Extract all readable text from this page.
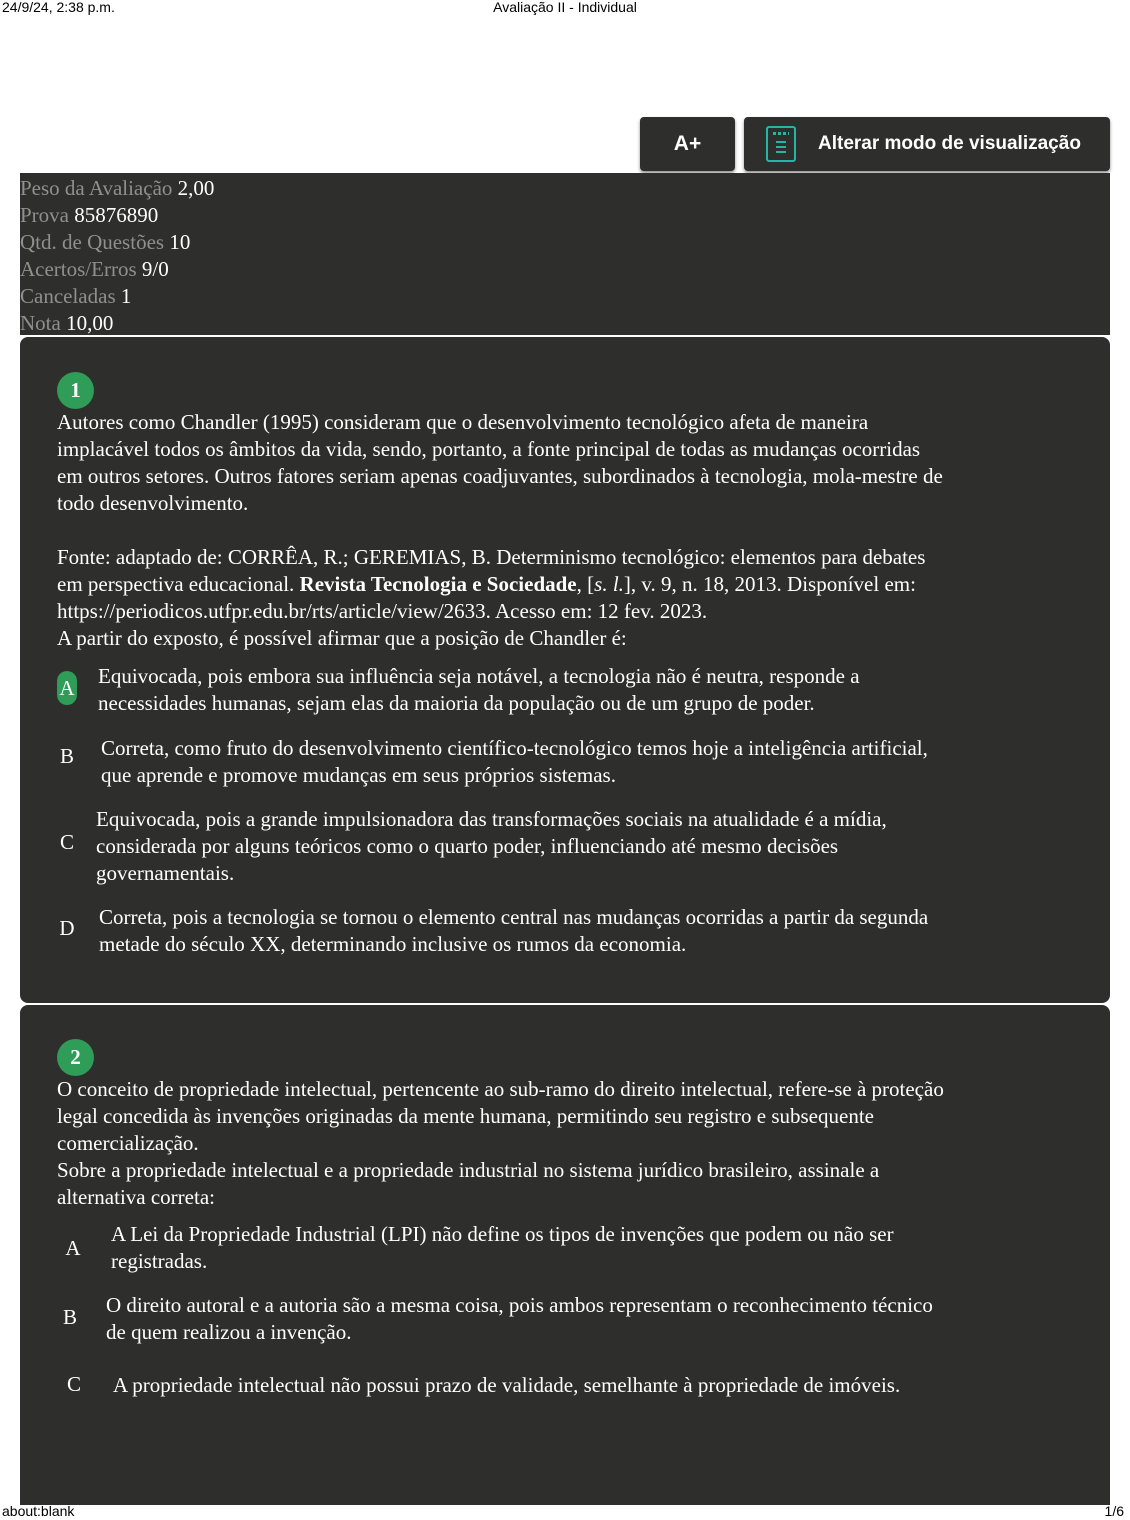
24/9/24, 2:38 p.m.	Avaliação II - Individual
A+	Alterar modo de visualização
Peso da Avaliação 2,00
Prova 85876890
Qtd. de Questões 10
Acertos/Erros 9/0
Canceladas 1
Nota 10,00
1

Autores como Chandler (1995) consideram que o desenvolvimento tecnológico afeta de maneira

implacável todos os âmbitos da vida, sendo, portanto, a fonte principal de todas as mudanças ocorridas

em outros setores. Outros fatores seriam apenas coadjuvantes, subordinados à tecnologia, mola-mestre de

todo desenvolvimento.

Fonte: adaptado de: CORRÊA, R.; GEREMIAS, B. Determinismo tecnológico: elementos para debates

em perspectiva educacional. Revista Tecnologia e Sociedade, [s. l.], v. 9, n. 18, 2013. Disponível em:

https://periodicos.utfpr.edu.br/rts/article/view/2633. Acesso em: 12 fev. 2023.

A partir do exposto, é possível afirmar que a posição de Chandler é:

A Equivocada, pois embora sua influência seja notável, a tecnologia não é neutra, responde a
necessidades humanas, sejam elas da maioria da população ou de um grupo de poder.
B Correta, como fruto do desenvolvimento científico-tecnológico temos hoje a inteligência artificial,
que aprende e promove mudanças em seus próprios sistemas.
C
Equivocada, pois a grande impulsionadora das transformações sociais na atualidade é a mídia,
considerada por alguns teóricos como o quarto poder, influenciando até mesmo decisões
governamentais.
D Correta, pois a tecnologia se tornou o elemento central nas mudanças ocorridas a partir da segunda
metade do século XX, determinando inclusive os rumos da economia.
2

O conceito de propriedade intelectual, pertencente ao sub-ramo do direito intelectual, refere-se à proteção

legal concedida às invenções originadas da mente humana, permitindo seu registro e subsequente

comercialização.

Sobre a propriedade intelectual e a propriedade industrial no sistema jurídico brasileiro, assinale a

alternativa correta:

A
A Lei da Propriedade Industrial (LPI) não define os tipos de invenções que podem ou não ser
registradas.
B O direito autoral e a autoria são a mesma coisa, pois ambos representam o reconhecimento técnico
de quem realizou a invenção.
C A propriedade intelectual não possui prazo de validade, semelhante à propriedade de imóveis.
about:blank	1/6
